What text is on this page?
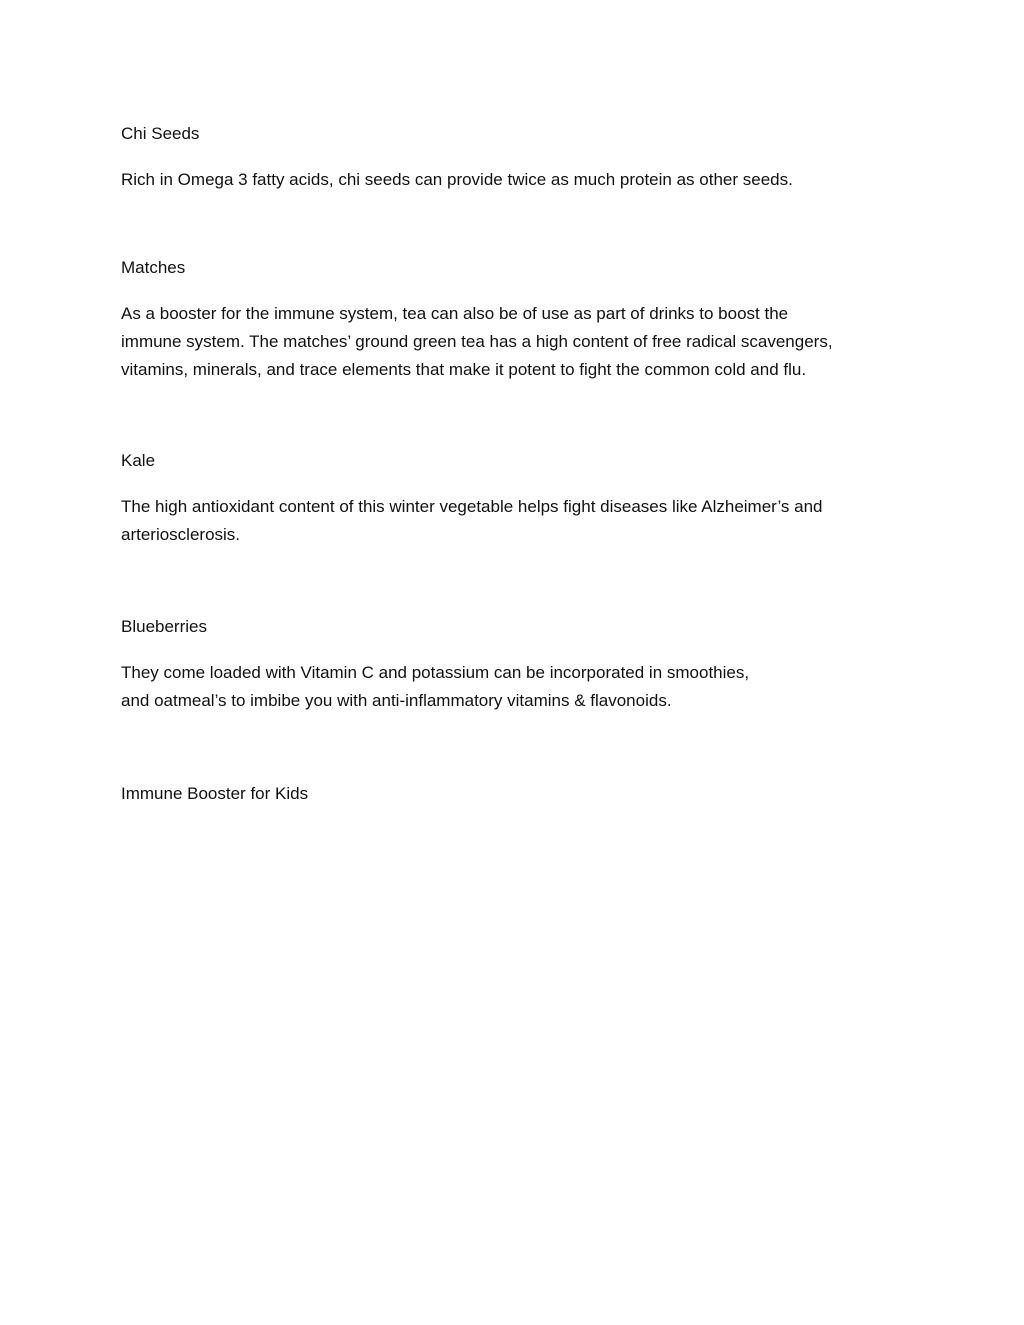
Chi Seeds

Rich in Omega 3 fatty acids, chi seeds can provide twice as much protein as other seeds.

Matches

As a booster for the immune system, tea can also be of use as part of drinks to boost the
immune system. The matches’ ground green tea has a high content of free radical scavengers,
vitamins, minerals, and trace elements that make it potent to fight the common cold and flu.

Kale

The high antioxidant content of this winter vegetable helps fight diseases like Alzheimer’s and
arteriosclerosis.

Blueberries

They come loaded with Vitamin C and potassium can be incorporated in smoothies,
and oatmeal’s to imbibe you with anti-inflammatory vitamins & flavonoids.

Immune Booster for Kids
